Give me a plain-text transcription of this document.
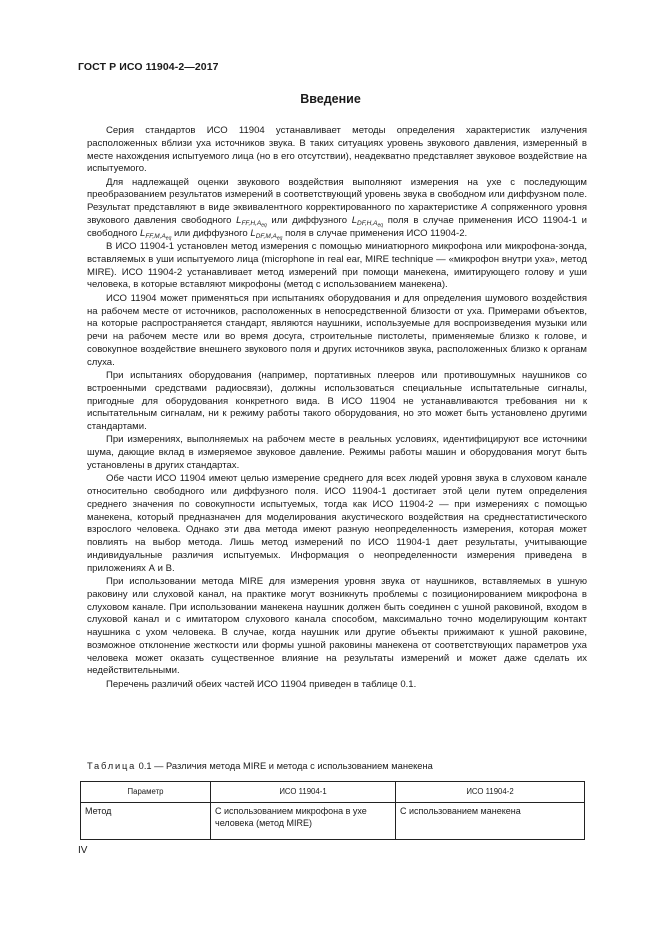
ГОСТ Р ИСО 11904-2—2017
Введение

Серия стандартов ИСО 11904 устанавливает методы определения характеристик излучения расположенных вблизи уха источников звука. В таких ситуациях уровень звукового давления, измеренный в месте нахождения испытуемого лица (но в его отсутствии), неадекватно представляет звуковое воздействие на испытуемого.

Для надлежащей оценки звукового воздействия выполняют измерения на ухе с последующим преобразованием результатов измерений в соответствующий уровень звука в свободном или диффузном поле. Результат представляют в виде эквивалентного корректированного по характеристике A сопряженного уровня звукового давления свободного $L_{FF,H,A_{eq}}$ или диффузного $L_{DF,H,A_{eq}}$ поля в случае применения ИСО 11904-1 и свободного $L_{FF,M,A_{eq}}$ или диффузного $L_{DF,M,A_{eq}}$ поля в случае применения ИСО 11904-2.

В ИСО 11904-1 установлен метод измерения с помощью миниатюрного микрофона или микрофона-зонда, вставляемых в уши испытуемого лица (microphone in real ear, MIRE technique — «микрофон внутри уха», метод MIRE). ИСО 11904-2 устанавливает метод измерений при помощи манекена, имитирующего голову и уши человека, в которые вставляют микрофоны (метод с использованием манекена).

ИСО 11904 может применяться при испытаниях оборудования и для определения шумового воздействия на рабочем месте от источников, расположенных в непосредственной близости от уха. Примерами объектов, на которые распространяется стандарт, являются наушники, используемые для воспроизведения музыки или речи на рабочем месте или во время досуга, строительные пистолеты, применяемые близко к голове, и совокупное воздействие внешнего звукового поля и других источников звука, расположенных близко к органам слуха.

При испытаниях оборудования (например, портативных плееров или противошумных наушников со встроенными средствами радиосвязи), должны использоваться специальные испытательные сигналы, пригодные для оборудования конкретного вида. В ИСО 11904 не устанавливаются требования ни к испытательным сигналам, ни к режиму работы такого оборудования, но это может быть установлено другими стандартами.

При измерениях, выполняемых на рабочем месте в реальных условиях, идентифицируют все источники шума, дающие вклад в измеряемое звуковое давление. Режимы работы машин и оборудования могут быть установлены в других стандартах.

Обе части ИСО 11904 имеют целью измерение среднего для всех людей уровня звука в слуховом канале относительно свободного или диффузного поля. ИСО 11904-1 достигает этой цели путем определения среднего значения по совокупности испытуемых, тогда как ИСО 11904-2 — при измерениях с помощью манекена, который предназначен для моделирования акустического воздействия на среднестатистического взрослого человека. Однако эти два метода имеют разную неопределенность измерения, которая может повлиять на выбор метода. Лишь метод измерений по ИСО 11904-1 дает результаты, учитывающие индивидуальные различия испытуемых. Информация о неопределенности измерения приведена в приложениях А и В.

При использовании метода MIRE для измерения уровня звука от наушников, вставляемых в ушную раковину или слуховой канал, на практике могут возникнуть проблемы с позиционированием микрофона в слуховом канале. При использовании манекена наушник должен быть соединен с ушной раковиной, входом в слуховой канал и с имитатором слухового канала способом, максимально точно моделирующим контакт наушника с ухом человека. В случае, когда наушник или другие объекты прижимают к ушной раковине, возможное отклонение жесткости или формы ушной раковины манекена от соответствующих параметров уха человека может оказать существенное влияние на результаты измерений и может даже сделать их недействительными.

Перечень различий обеих частей ИСО 11904 приведен в таблице 0.1.

Таблица 0.1 — Различия метода MIRE и метода с использованием манекена
Параметр	ИСО 11904-1	ИСО 11904-2
Метод	С использованием микрофона в ухе человека (метод MIRE)	С использованием манекена
IV
